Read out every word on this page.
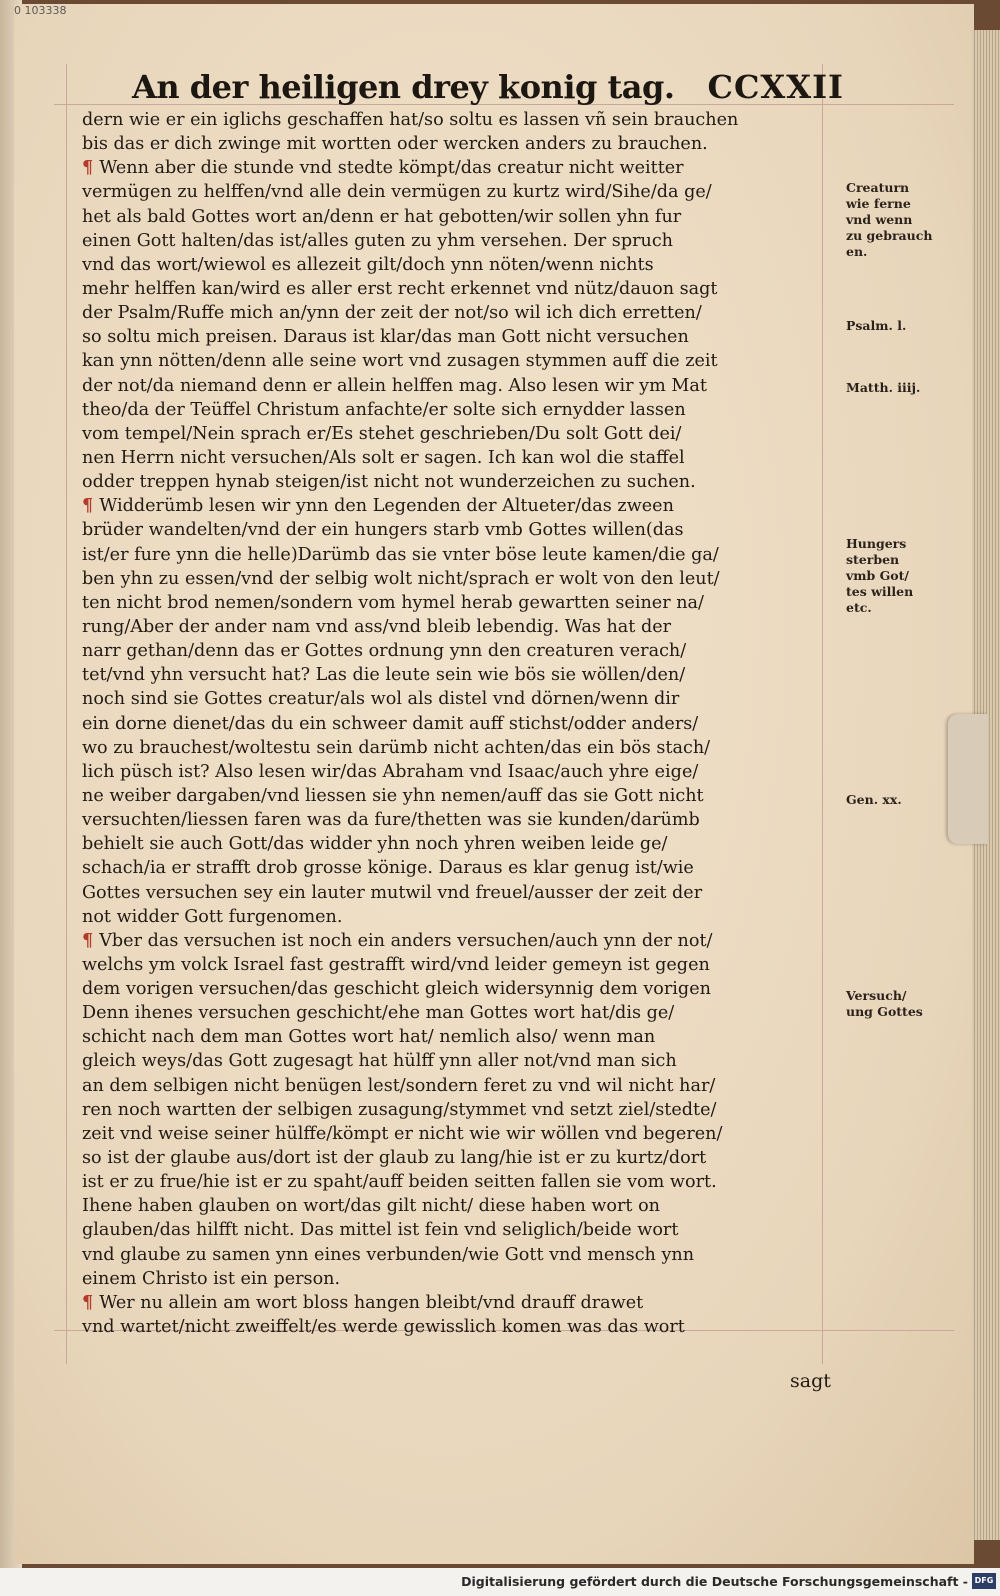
0 103338
An der heiligen drey konig tag. CCXXII
dern wie er ein iglichs geschaffen hat/so soltu es lassen vñ sein brauchen
bis das er dich zwinge mit wortten oder wercken anders zu brauchen.
¶ Wenn aber die stunde vnd stedte kömpt/das creatur nicht weitter
vermügen zu helffen/vnd alle dein vermügen zu kurtz wird/Sihe/da ge/
het als bald Gottes wort an/denn er hat gebotten/wir sollen yhn fur
einen Gott halten/das ist/alles guten zu yhm versehen. Der spruch
vnd das wort/wiewol es allezeit gilt/doch ynn nöten/wenn nichts
mehr helffen kan/wird es aller erst recht erkennet vnd nütz/dauon sagt
der Psalm/Ruffe mich an/ynn der zeit der not/so wil ich dich erretten/
so soltu mich preisen. Daraus ist klar/das man Gott nicht versuchen
kan ynn nötten/denn alle seine wort vnd zusagen stymmen auff die zeit
der not/da niemand denn er allein helffen mag. Also lesen wir ym Mat
theo/da der Teüffel Christum anfachte/er solte sich ernydder lassen
vom tempel/Nein sprach er/Es stehet geschrieben/Du solt Gott dei/
nen Herrn nicht versuchen/Als solt er sagen. Ich kan wol die staffel
odder treppen hynab steigen/ist nicht not wunderzeichen zu suchen.
¶ Widderümb lesen wir ynn den Legenden der Altueter/das zween
brüder wandelten/vnd der ein hungers starb vmb Gottes willen(das
ist/er fure ynn die helle)Darümb das sie vnter böse leute kamen/die ga/
ben yhn zu essen/vnd der selbig wolt nicht/sprach er wolt von den leut/
ten nicht brod nemen/sondern vom hymel herab gewartten seiner na/
rung/Aber der ander nam vnd ass/vnd bleib lebendig. Was hat der
narr gethan/denn das er Gottes ordnung ynn den creaturen verach/
tet/vnd yhn versucht hat? Las die leute sein wie bös sie wöllen/den/
noch sind sie Gottes creatur/als wol als distel vnd dörnen/wenn dir
ein dorne dienet/das du ein schweer damit auff stichst/odder anders/
wo zu brauchest/woltestu sein darümb nicht achten/das ein bös stach/
lich püsch ist? Also lesen wir/das Abraham vnd Isaac/auch yhre eige/
ne weiber dargaben/vnd liessen sie yhn nemen/auff das sie Gott nicht
versuchten/liessen faren was da fure/thetten was sie kunden/darümb
behielt sie auch Gott/das widder yhn noch yhren weiben leide ge/
schach/ia er strafft drob grosse könige. Daraus es klar genug ist/wie
Gottes versuchen sey ein lauter mutwil vnd freuel/ausser der zeit der
not widder Gott furgenomen.
¶ Vber das versuchen ist noch ein anders versuchen/auch ynn der not/
welchs ym volck Israel fast gestrafft wird/vnd leider gemeyn ist gegen
dem vorigen versuchen/das geschicht gleich widersynnig dem vorigen
Denn ihenes versuchen geschicht/ehe man Gottes wort hat/dis ge/
schicht nach dem man Gottes wort hat/ nemlich also/ wenn man
gleich weys/das Gott zugesagt hat hülff ynn aller not/vnd man sich
an dem selbigen nicht benügen lest/sondern feret zu vnd wil nicht har/
ren noch wartten der selbigen zusagung/stymmet vnd setzt ziel/stedte/
zeit vnd weise seiner hülffe/kömpt er nicht wie wir wöllen vnd begeren/
so ist der glaube aus/dort ist der glaub zu lang/hie ist er zu kurtz/dort
ist er zu frue/hie ist er zu spaht/auff beiden seitten fallen sie vom wort.
Ihene haben glauben on wort/das gilt nicht/ diese haben wort on
glauben/das hilfft nicht. Das mittel ist fein vnd seliglich/beide wort
vnd glaube zu samen ynn eines verbunden/wie Gott vnd mensch ynn
einem Christo ist ein person.
¶ Wer nu allein am wort bloss hangen bleibt/vnd drauff drawet
vnd wartet/nicht zweiffelt/es werde gewisslich komen was das wort
Creaturn
wie ferne
vnd wenn
zu gebrauch
en.
Psalm. l.
Matth. iiij.
Hungers
sterben
vmb Got/
tes willen
etc.
Gen. xx.
Versuch/
ung Gottes
sagt
Digitalisierung gefördert durch die Deutsche Forschungsgemeinschaft - DFG
